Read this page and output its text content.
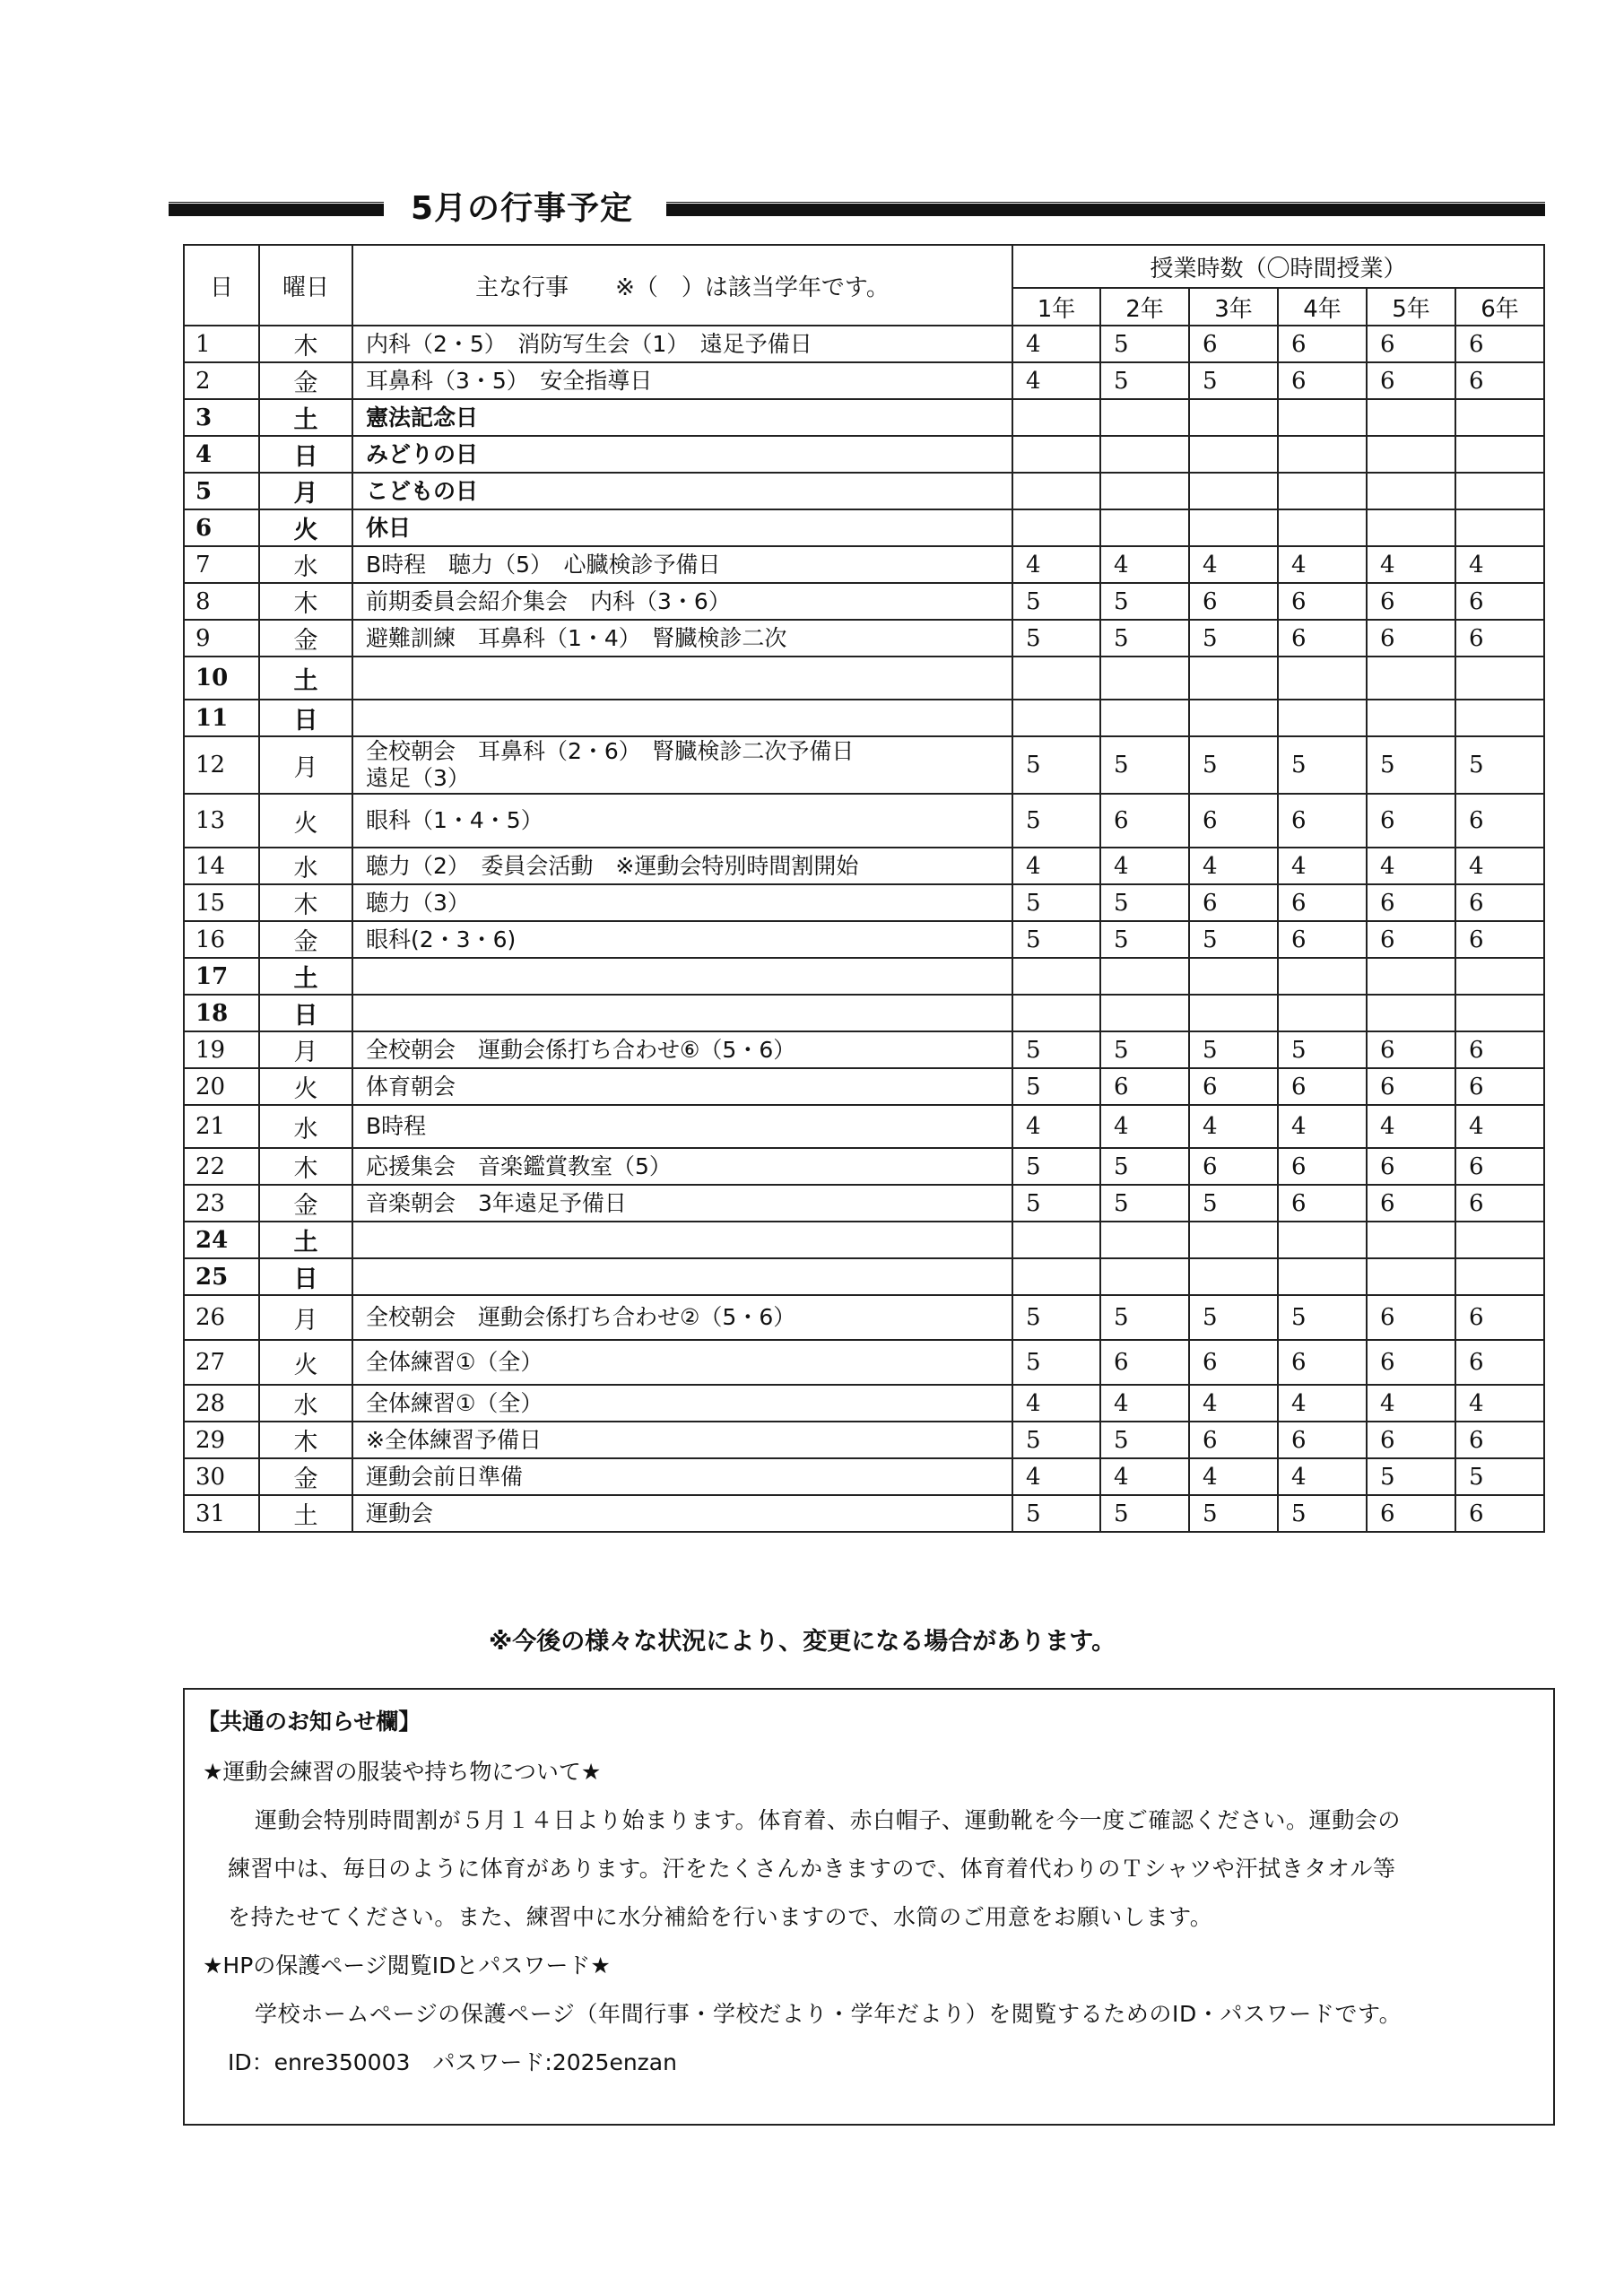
5月の行事予定
日	曜日	主な行事　　※（　）は該当学年です。	授業時数（〇時間授業）					
			1年	2年	3年	4年	5年	6年
1	木	内科（2・5）　消防写生会（1）　遠足予備日	4	5	6	6	6	6
2	金	耳鼻科（3・5）　安全指導日	4	5	5	6	6	6
3	土	憲法記念日						

4	日	みどりの日						

5	月	こどもの日						

6	火	休日						

7	水	B時程　聴力（5）　心臓検診予備日	4	4	4	4	4	4
8	木	前期委員会紹介集会　内科（3・6）	5	5	6	6	6	6
9	金	避難訓練　耳鼻科（1・4）　腎臓検診二次	5	5	5	6	6	6
10	土	

11	日	

12	月	全校朝会　耳鼻科（2・6）　腎臓検診二次予備日
遠足（3）	5	5	5	5	5	5
13	火	眼科（1・4・5）	5	6	6	6	6	6
14	水	聴力（2）　委員会活動　※運動会特別時間割開始	4	4	4	4	4	4
15	木	聴力（3）	5	5	6	6	6	6
16	金	眼科(2・3・6)	5	5	5	6	6	6
17	土	

18	日	

19	月	全校朝会　運動会係打ち合わせ⑥（5・6）	5	5	5	5	6	6
20	火	体育朝会	5	6	6	6	6	6
21	水	B時程	4	4	4	4	4	4
22	木	応援集会　音楽鑑賞教室（5）	5	5	6	6	6	6
23	金	音楽朝会　3年遠足予備日	5	5	5	6	6	6
24	土	

25	日	

26	月	全校朝会　運動会係打ち合わせ②（5・6）	5	5	5	5	6	6
27	火	全体練習①（全）	5	6	6	6	6	6
28	水	全体練習①（全）	4	4	4	4	4	4
29	木	※全体練習予備日	5	5	6	6	6	6
30	金	運動会前日準備	4	4	4	4	5	5
31	土	運動会	5	5	5	5	6	6
※今後の様々な状況により、変更になる場合があります。
【共通のお知らせ欄】
★運動会練習の服装や持ち物について★
運動会特別時間割が５月１４日より始まります。体育着、赤白帽子、運動靴を今一度ご確認ください。運動会の
練習中は、毎日のように体育があります。汗をたくさんかきますので、体育着代わりのＴシャツや汗拭きタオル等
を持たせてください。また、練習中に水分補給を行いますので、水筒のご用意をお願いします。
★HPの保護ページ閲覧IDとパスワード★
学校ホームページの保護ページ（年間行事・学校だより・学年だより）を閲覧するためのID・パスワードです。
ID：enre350003　パスワード:2025enzan
